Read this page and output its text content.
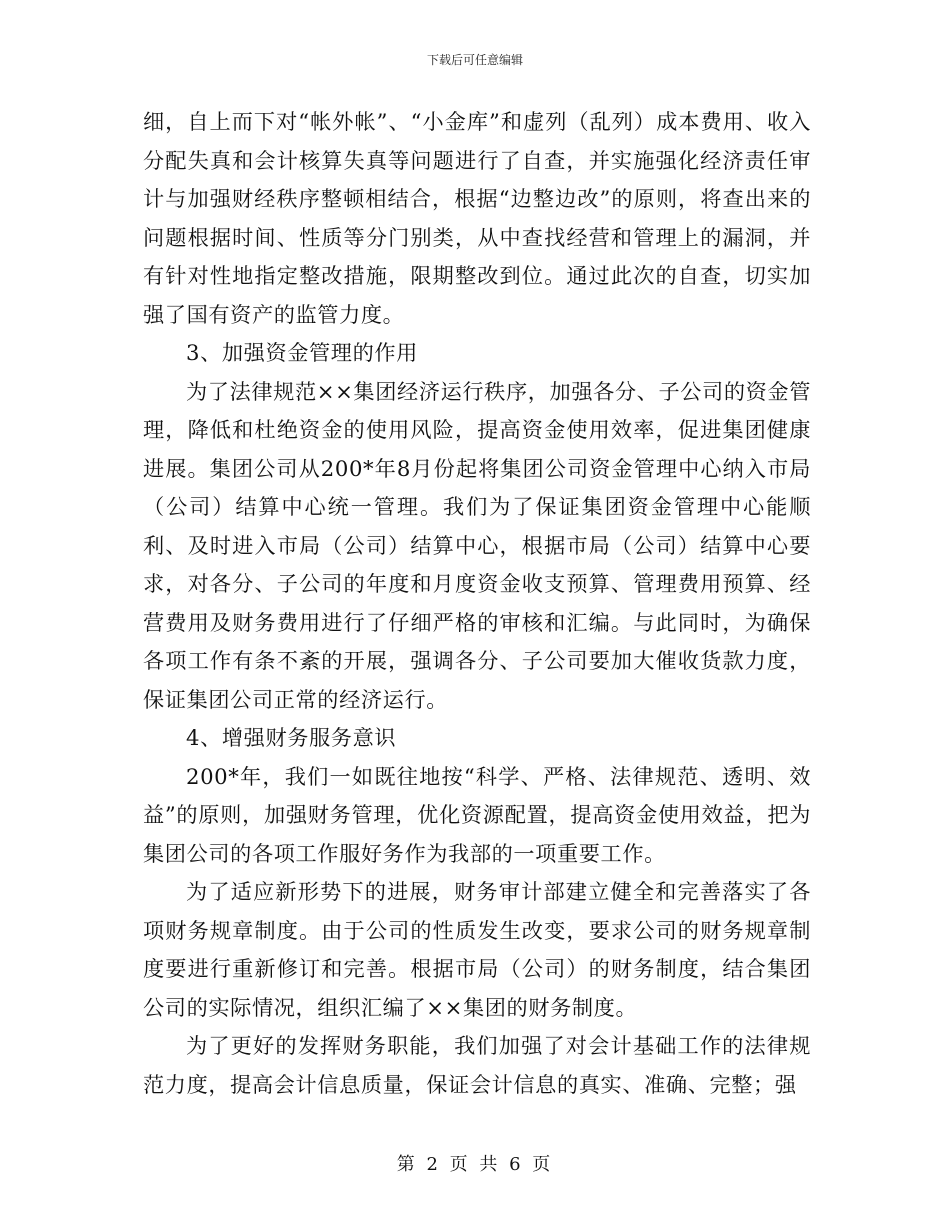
下载后可任意编辑

细，自上而下对“帐外帐”、“小金库”和虚列（乱列）成本费用、收入分配失真和会计核算失真等问题进行了自查，并实施强化经济责任审计与加强财经秩序整顿相结合，根据“边整边改”的原则，将查出来的问题根据时间、性质等分门别类，从中查找经营和管理上的漏洞，并有针对性地指定整改措施，限期整改到位。通过此次的自查，切实加强了国有资产的监管力度。

3、加强资金管理的作用

为了法律规范××集团经济运行秩序，加强各分、子公司的资金管理，降低和杜绝资金的使用风险，提高资金使用效率，促进集团健康进展。集团公司从200*年8月份起将集团公司资金管理中心纳入市局（公司）结算中心统一管理。我们为了保证集团资金管理中心能顺利、及时进入市局（公司）结算中心，根据市局（公司）结算中心要求，对各分、子公司的年度和月度资金收支预算、管理费用预算、经营费用及财务费用进行了仔细严格的审核和汇编。与此同时，为确保各项工作有条不紊的开展，强调各分、子公司要加大催收货款力度，保证集团公司正常的经济运行。

4、增强财务服务意识

200*年，我们一如既往地按“科学、严格、法律规范、透明、效益”的原则，加强财务管理，优化资源配置，提高资金使用效益，把为集团公司的各项工作服好务作为我部的一项重要工作。

为了适应新形势下的进展，财务审计部建立健全和完善落实了各项财务规章制度。由于公司的性质发生改变，要求公司的财务规章制度要进行重新修订和完善。根据市局（公司）的财务制度，结合集团公司的实际情况，组织汇编了××集团的财务制度。

为了更好的发挥财务职能，我们加强了对会计基础工作的法律规范力度，提高会计信息质量，保证会计信息的真实、准确、完整；强

第 2 页 共 6 页
